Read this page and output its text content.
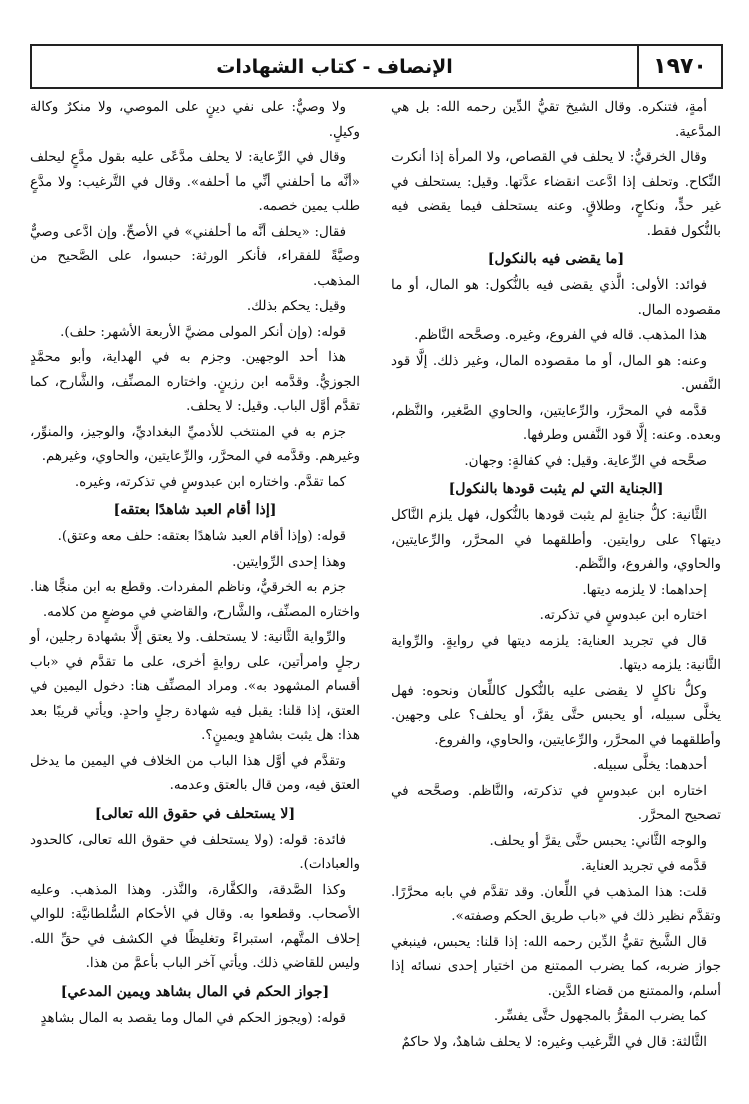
١٩٧٠
الإنصاف - كتاب الشهادات

أمةٍ، فتنكره. وقال الشيخ تقيُّ الدِّين رحمه الله: بل هي المدَّعية.

وقال الخرقيُّ: لا يحلف في القصاص، ولا المرأة إذا أنكرت النِّكاح. وتحلف إذا ادَّعت انقضاء عدَّتها. وقيل: يستحلف في غير حدٍّ، ونكاحٍ، وطلاقٍ. وعنه يستحلف فيما يقضى فيه بالنُّكول فقط.

[ما يقضى فيه بالنكول]

فوائد: الأولى: الَّذي يقضى فيه بالنُّكول: هو المال، أو ما مقصوده المال.

هذا المذهب. قاله في الفروع، وغيره. وصحَّحه النَّاظم.

وعنه: هو المال، أو ما مقصوده المال، وغير ذلك. إلَّا قود النَّفس.

قدَّمه في المحرَّر، والرِّعايتين، والحاوي الصَّغير، والنَّظم، وبعده. وعنه: إلَّا قود النَّفس وطرفها.

صحَّحه في الرِّعاية. وقيل: في كفالةٍ: وجهان.

[الجناية التي لم يثبت قودها بالنكول]

الثَّانية: كلُّ جنايةٍ لم يثبت قودها بالنُّكول، فهل يلزم النَّاكل ديتها؟ على روايتين. وأطلقهما في المحرَّر، والرِّعايتين، والحاوي، والفروع، والنَّظم.

إحداهما: لا يلزمه ديتها.

اختاره ابن عبدوسٍ في تذكرته.

قال في تجريد العناية: يلزمه ديتها في روايةٍ. والرِّواية الثَّانية: يلزمه ديتها.

وكلُّ ناكلٍ لا يقضى عليه بالنُّكول كاللِّعان ونحوه: فهل يخلَّى سبيله، أو يحبس حتَّى يقرَّ، أو يحلف؟ على وجهين. وأطلقهما في المحرَّر، والرِّعايتين، والحاوي، والفروع.

أحدهما: يخلَّى سبيله.

اختاره ابن عبدوسٍ في تذكرته، والنَّاظم. وصحَّحه في تصحيح المحرَّر.

والوجه الثَّاني: يحبس حتَّى يقرَّ أو يحلف.

قدَّمه في تجريد العناية.

قلت: هذا المذهب في اللِّعان. وقد تقدَّم في بابه محرَّرًا. وتقدَّم نظير ذلك في «باب طريق الحكم وصفته».

قال الشَّيخ تقيُّ الدِّين رحمه الله: إذا قلنا: يحبس، فينبغي جواز ضربه، كما يضرب الممتنع من اختيار إحدى نسائه إذا أسلم، والممتنع من قضاء الدَّين.

كما يضرب المقرُّ بالمجهول حتَّى يفسِّر.

الثَّالثة: قال في التَّرغيب وغيره: لا يحلف شاهدٌ، ولا حاكمٌ

ولا وصيٌّ: على نفي دينٍ على الموصي، ولا منكرٌ وكالة وكيلٍ.

وقال في الرِّعاية: لا يحلف مدَّعًى عليه بقول مدَّعٍ ليحلف «أنَّه ما أحلفني أنِّي ما أحلفه». وقال في التَّرغيب: ولا مدَّعٍ طلب يمين خصمه.

فقال: «يحلف أنَّه ما أحلفني» في الأصحِّ. وإن ادَّعى وصيٌّ وصيَّةً للفقراء، فأنكر الورثة: حبسوا، على الصَّحيح من المذهب.

وقيل: يحكم بذلك.

قوله: (وإن أنكر المولى مضيَّ الأربعة الأشهر: حلف).

هذا أحد الوجهين. وجزم به في الهداية، وأبو محمَّدٍ الجوزيُّ. وقدَّمه ابن رزينٍ. واختاره المصنِّف، والشَّارح، كما تقدَّم أوَّل الباب. وقيل: لا يحلف.

جزم به في المنتخب للأدميِّ البغداديِّ، والوجيز، والمنوِّر، وغيرهم. وقدَّمه في المحرَّر، والرِّعايتين، والحاوي، وغيرهم.

كما تقدَّم. واختاره ابن عبدوسٍ في تذكرته، وغيره.

[إذا أقام العبد شاهدًا بعتقه]

قوله: (وإذا أقام العبد شاهدًا بعتقه: حلف معه وعتق).

وهذا إحدى الرِّوايتين.

جزم به الخرقيُّ، وناظم المفردات. وقطع به ابن منجًّا هنا. واختاره المصنِّف، والشَّارح، والقاضي في موضعٍ من كلامه.

والرِّواية الثَّانية: لا يستحلف. ولا يعتق إلَّا بشهادة رجلين، أو رجلٍ وامرأتين، على روايةٍ أخرى، على ما تقدَّم في «باب أقسام المشهود به». ومراد المصنِّف هنا: دخول اليمين في العتق، إذا قلنا: يقبل فيه شهادة رجلٍ واحدٍ. ويأتي قريبًا بعد هذا: هل يثبت بشاهدٍ ويمينٍ؟.

وتقدَّم في أوَّل هذا الباب من الخلاف في اليمين ما يدخل العتق فيه، ومن قال بالعتق وعدمه.

[لا يستحلف في حقوق الله تعالى]

فائدة: قوله: (ولا يستحلف في حقوق الله تعالى، كالحدود والعبادات).

وكذا الصَّدقة، والكفَّارة، والنَّذر. وهذا المذهب. وعليه الأصحاب. وقطعوا به. وقال في الأحكام السُّلطانيَّة: للوالي إحلاف المتَّهم، استبراءً وتغليظًا في الكشف في حقِّ الله. وليس للقاضي ذلك. ويأتي آخر الباب بأعمَّ من هذا.

[جواز الحكم في المال بشاهد ويمين المدعي]

قوله: (ويجوز الحكم في المال وما يقصد به المال بشاهدٍ
